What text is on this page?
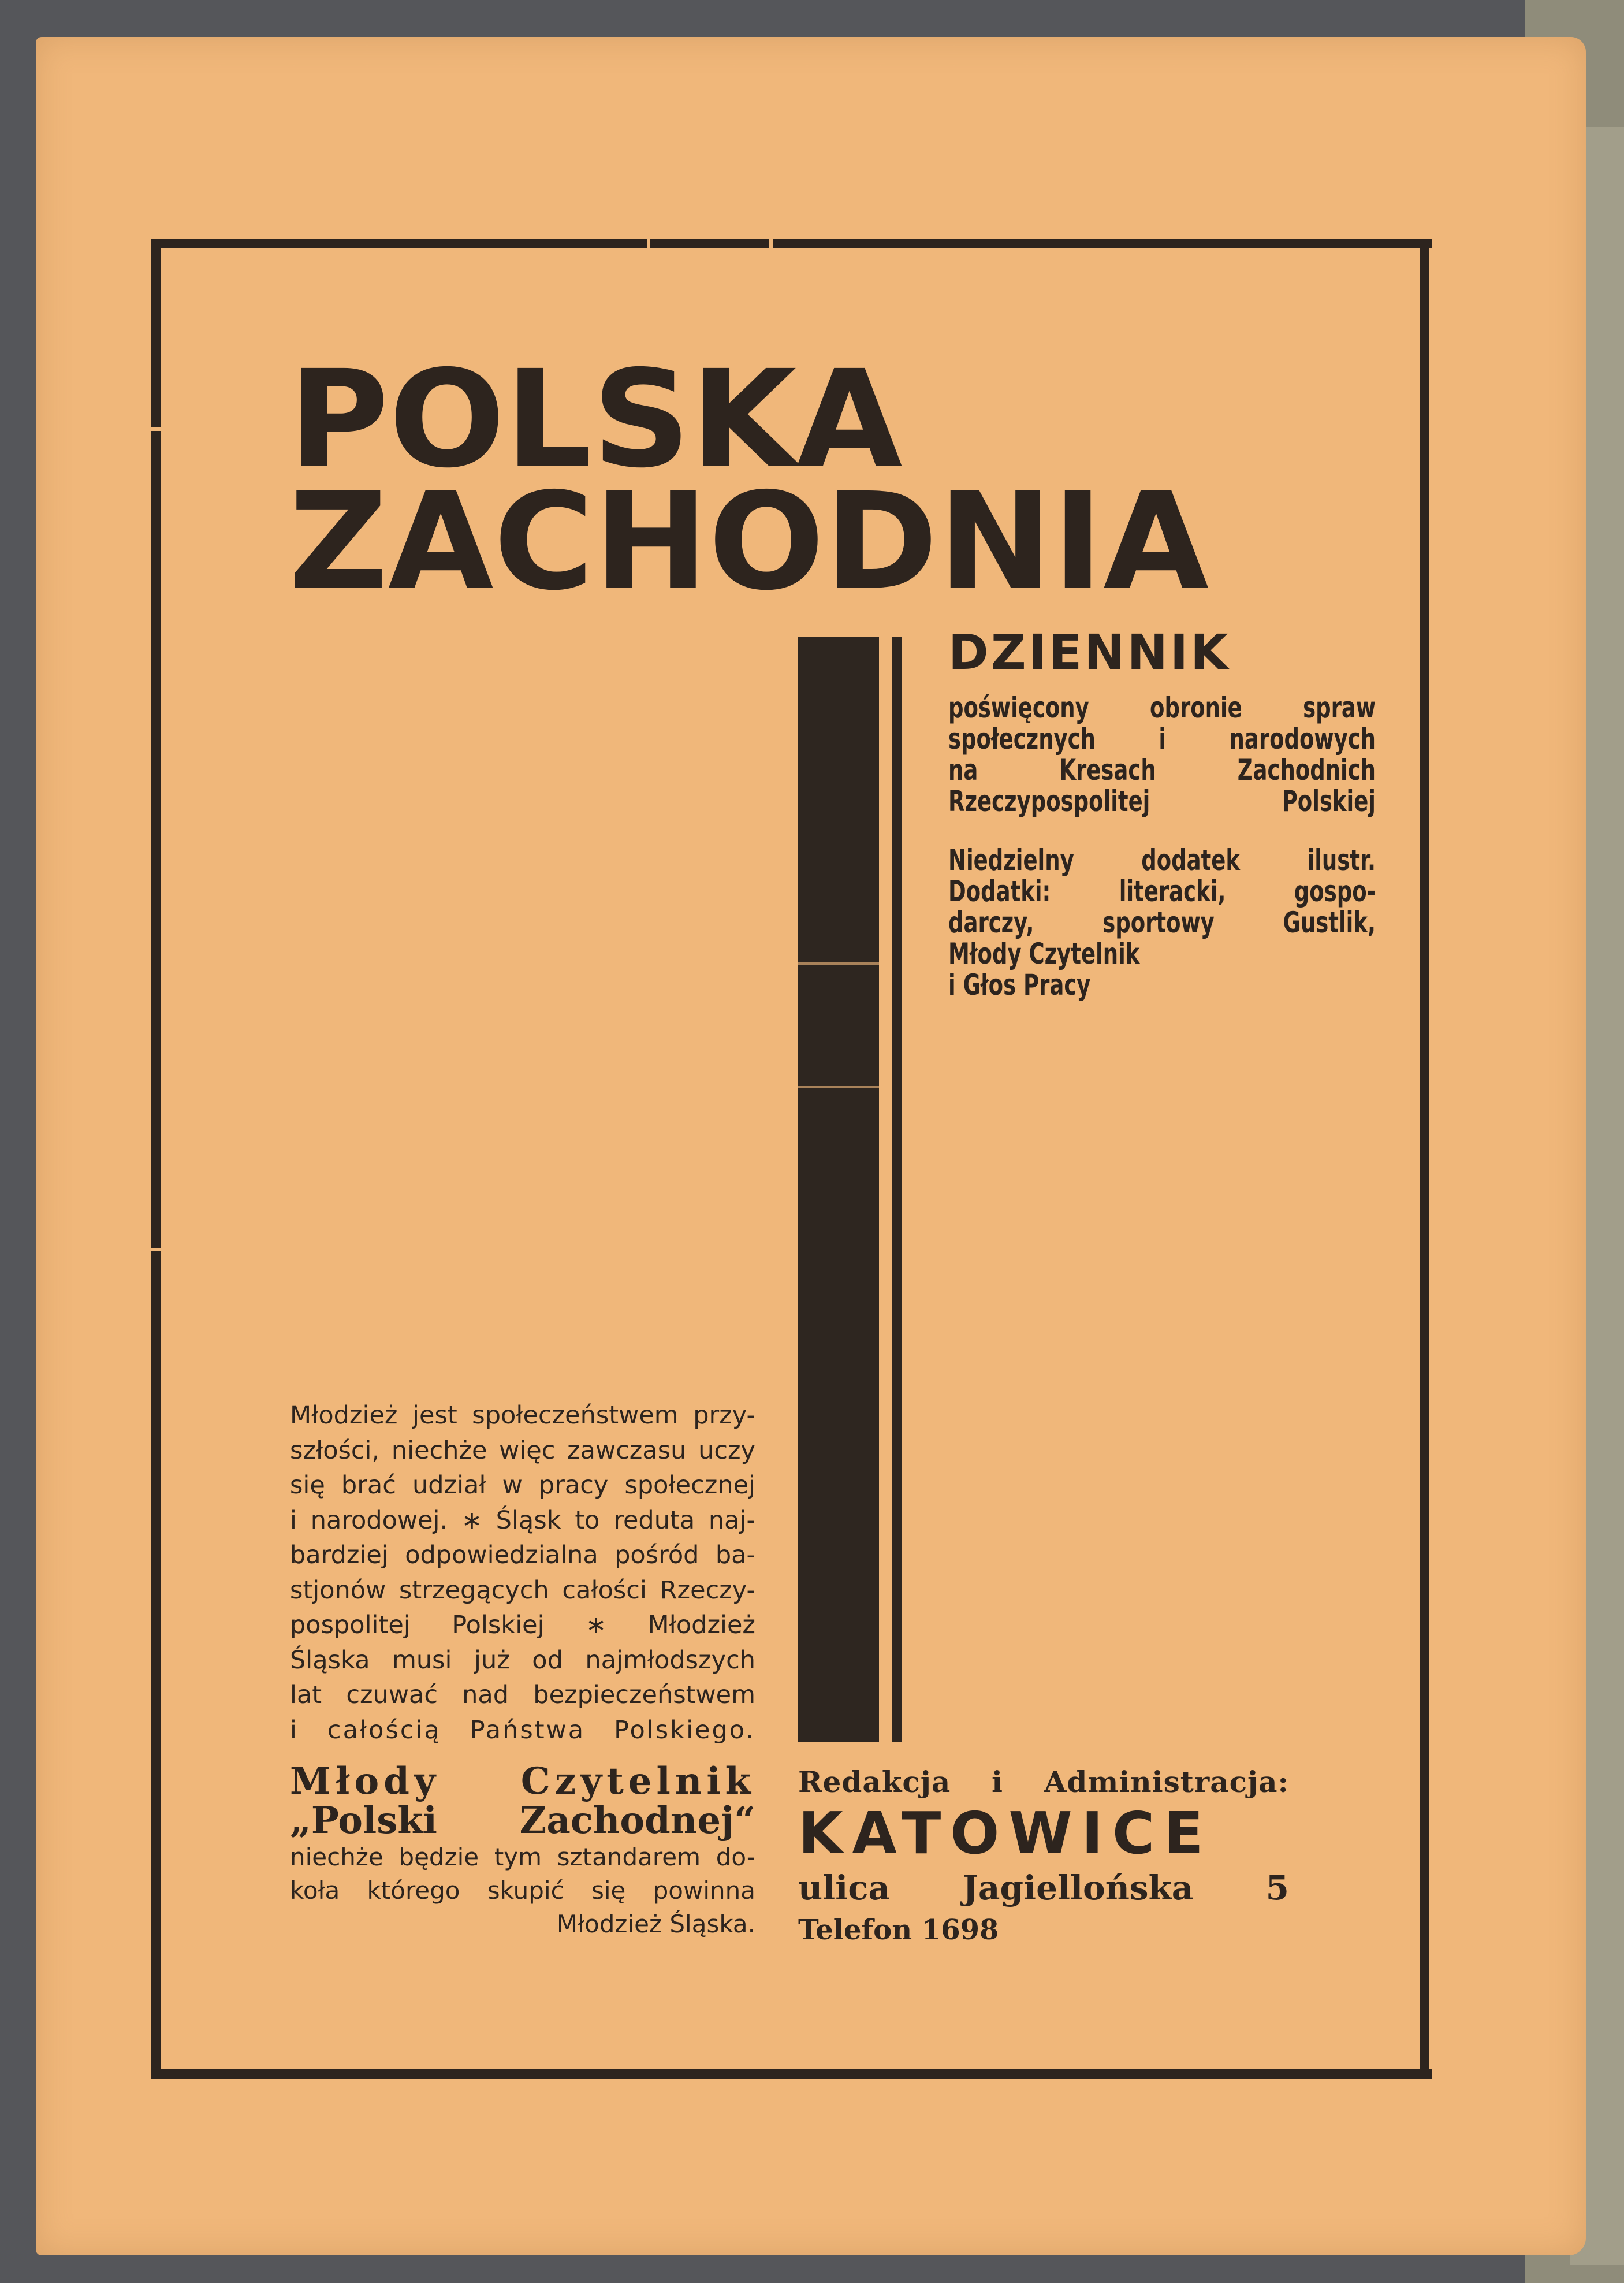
POLSKA
ZACHODNIA
DZIENNIK
poświęcony obronie spraw
społecznych i narodowych
na Kresach Zachodnich
Rzeczypospolitej Polskiej
Niedzielny dodatek ilustr.
Dodatki: literacki, gospo-
darczy, sportowy Gustlik,
Młody Czytelnik
i Głos Pracy
Młodzież jest społeczeństwem przy-
szłości, niechże więc zawczasu uczy
się brać udział w pracy społecznej
i narodowej. ∗ Śląsk to reduta naj-
bardziej odpowiedzialna pośród ba-
stjonów strzegących całości Rzeczy-
pospolitej Polskiej ∗ Młodzież
Śląska musi już od najmłodszych
lat czuwać nad bezpieczeństwem
i całością Państwa Polskiego.
Młody Czytelnik
„Polski Zachodnej“
niechże będzie tym sztandarem do-
koła którego skupić się powinna
Młodzież Śląska.
Redakcja i Administracja:
KATOWICE
ulica Jagiellońska 5
Telefon 1698
